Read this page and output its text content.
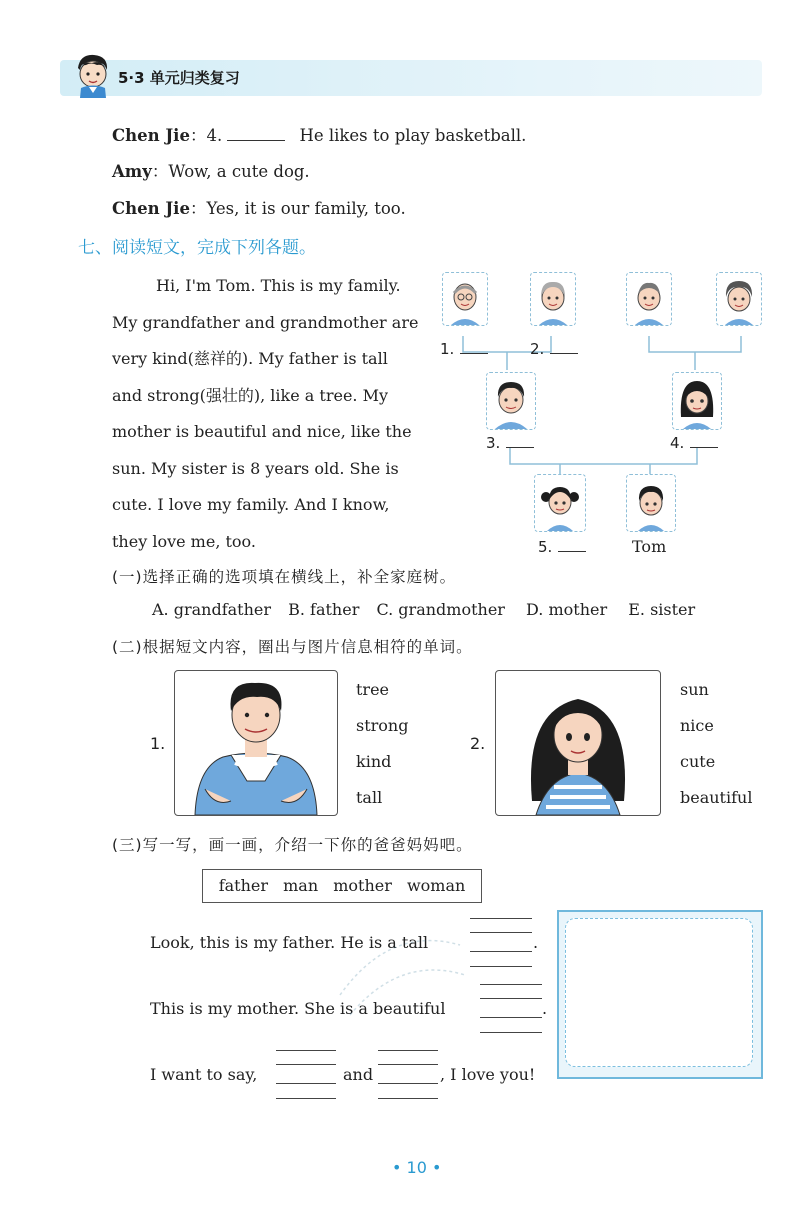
5·3 单元归类复习
Chen Jie：4.	He likes to play basketball.
Amy：Wow, a cute dog.
Chen Jie：Yes, it is our family, too.
七、阅读短文，完成下列各题。
Hi, I'm Tom. This is my family.
My grandfather and grandmother are
very kind(慈祥的). My father is tall
and strong(强壮的), like a tree. My
mother is beautiful and nice, like the
sun. My sister is 8 years old. She is
cute. I love my family. And I know,
they love me, too.
1.	2.
3.	4.
5.	Tom
(一)选择正确的选项填在横线上，补全家庭树。
A. grandfather B. father C. grandmother D. mother E. sister
(二)根据短文内容，圈出与图片信息相符的单词。
1.
tree
strong
kind
tall
2.
sun
nice
cute
beautiful
(三)写一写，画一画，介绍一下你的爸爸妈妈吧。
father man mother woman
Look, this is my father. He is a tall	.
This is my mother. She is a beautiful	.
I want to say,	and	, I love you!
• 10 •
